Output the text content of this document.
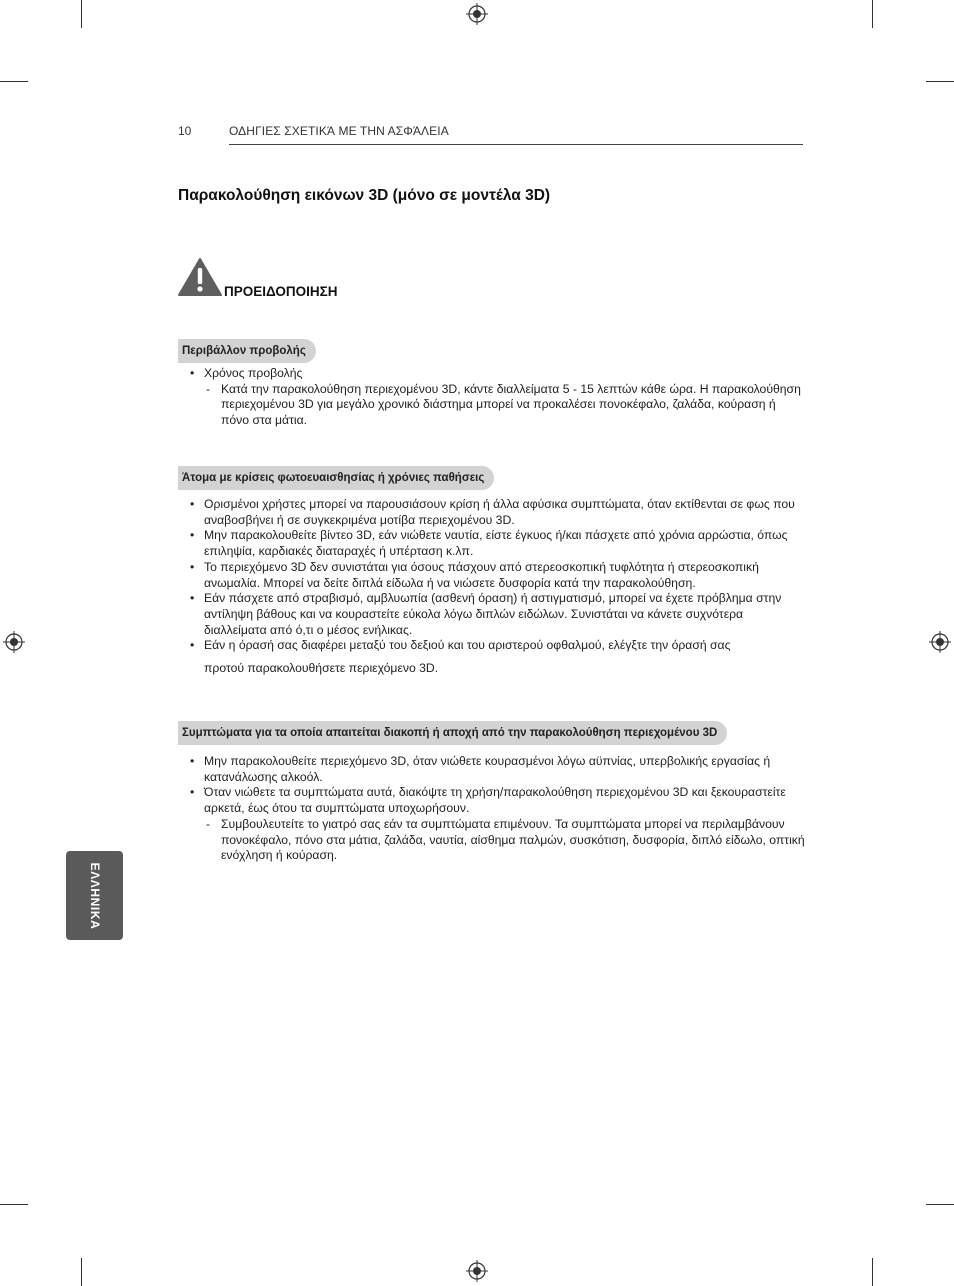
10	ΟΔΗΓΙΕΣ ΣΧΕΤΙΚΆ ΜΕ ΤΗΝ ΑΣΦΆΛΕΙΑ
Παρακολούθηση εικόνων 3D (μόνο σε μοντέλα 3D)
ΠΡΟΕΙΔΟΠΟΙΗΣΗ
Περιβάλλον προβολής
• Χρόνος προβολής
- Κατά την παρακολούθηση περιεχομένου 3D, κάντε διαλλείματα 5 - 15 λεπτών κάθε ώρα. Η παρακολούθηση περιεχομένου 3D για μεγάλο χρονικό διάστημα μπορεί να προκαλέσει πονοκέφαλο, ζαλάδα, κούραση ή πόνο στα μάτια.
Άτομα με κρίσεις φωτοευαισθησίας ή χρόνιες παθήσεις
• Ορισμένοι χρήστες μπορεί να παρουσιάσουν κρίση ή άλλα αφύσικα συμπτώματα, όταν εκτίθενται σε φως που αναβοσβήνει ή σε συγκεκριμένα μοτίβα περιεχομένου 3D.
• Μην παρακολουθείτε βίντεο 3D, εάν νιώθετε ναυτία, είστε έγκυος ή/και πάσχετε από χρόνια αρρώστια, όπως επιληψία, καρδιακές διαταραχές ή υπέρταση κ.λπ.
• Το περιεχόμενο 3D δεν συνιστάται για όσους πάσχουν από στερεοσκοπική τυφλότητα ή στερεοσκοπική ανωμαλία. Μπορεί να δείτε διπλά είδωλα ή να νιώσετε δυσφορία κατά την παρακολούθηση.
• Εάν πάσχετε από στραβισμό, αμβλυωπία (ασθενή όραση) ή αστιγματισμό, μπορεί να έχετε πρόβλημα στην αντίληψη βάθους και να κουραστείτε εύκολα λόγω διπλών ειδώλων. Συνιστάται να κάνετε συχνότερα διαλλείματα από ό,τι ο μέσος ενήλικας.
• Εάν η όρασή σας διαφέρει μεταξύ του δεξιού και του αριστερού οφθαλμού, ελέγξτε την όρασή σας
προτού παρακολουθήσετε περιεχόμενο 3D.
Συμπτώματα για τα οποία απαιτείται διακοπή ή αποχή από την παρακολούθηση περιεχομένου 3D
• Μην παρακολουθείτε περιεχόμενο 3D, όταν νιώθετε κουρασμένοι λόγω αϋπνίας, υπερβολικής εργασίας ή κατανάλωσης αλκοόλ.
• Όταν νιώθετε τα συμπτώματα αυτά, διακόψτε τη χρήση/παρακολούθηση περιεχομένου 3D και ξεκουραστείτε αρκετά, έως ότου τα συμπτώματα υποχωρήσουν.
- Συμβουλευτείτε το γιατρό σας εάν τα συμπτώματα επιμένουν. Τα συμπτώματα μπορεί να περιλαμβάνουν πονοκέφαλο, πόνο στα μάτια, ζαλάδα, ναυτία, αίσθημα παλμών, συσκότιση, δυσφορία, διπλό είδωλο, οπτική ενόχληση ή κούραση.
ΕΛΛΗΝΙΚΑ
